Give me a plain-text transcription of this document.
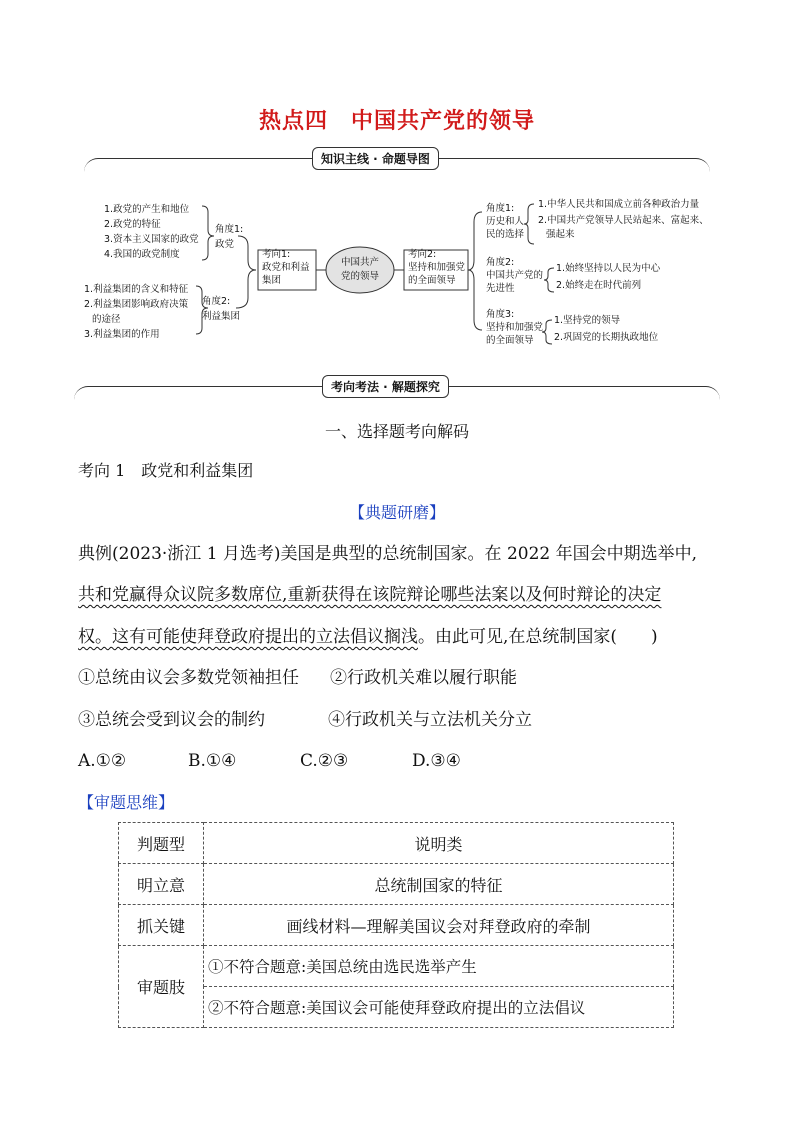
热点四　中国共产党的领导
知识主线 · 命题导图
1.政党的产生和地位
2.政党的特征
3.资本主义国家的政党
4.我国的政党制度
角度1:
政党
1.利益集团的含义和特征
2.利益集团影响政府决策
的途径
3.利益集团的作用
角度2:
利益集团
考向1:
政党和利益
集团
中国共产
党的领导
考向2:
坚持和加强党
的全面领导
角度1:
历史和人
民的选择
1.中华人民共和国成立前各种政治力量
2.中国共产党领导人民站起来、富起来、
强起来
角度2:
中国共产党的
先进性
1.始终坚持以人民为中心
2.始终走在时代前列
角度3:
坚持和加强党
的全面领导
1.坚持党的领导
2.巩固党的长期执政地位
考向考法 · 解题探究
一、选择题考向解码
考向 1　政党和利益集团
【典题研磨】
典例(2023·浙江 1 月选考)美国是典型的总统制国家。在 2022 年国会中期选举中,
共和党赢得众议院多数席位,重新获得在该院辩论哪些法案以及何时辩论的决定
权。这有可能使拜登政府提出的立法倡议搁浅。由此可见,在总统制国家(　　)
①总统由议会多数党领袖担任 ②行政机关难以履行职能
③总统会受到议会的制约	④行政机关与立法机关分立
A.①②	B.①④	C.②③	D.③④
【审题思维】
判题型	说明类
明立意	总统制国家的特征
抓关键	画线材料—理解美国议会对拜登政府的牵制
审题肢	①不符合题意:美国总统由选民选举产生
	②不符合题意:美国议会可能使拜登政府提出的立法倡议
